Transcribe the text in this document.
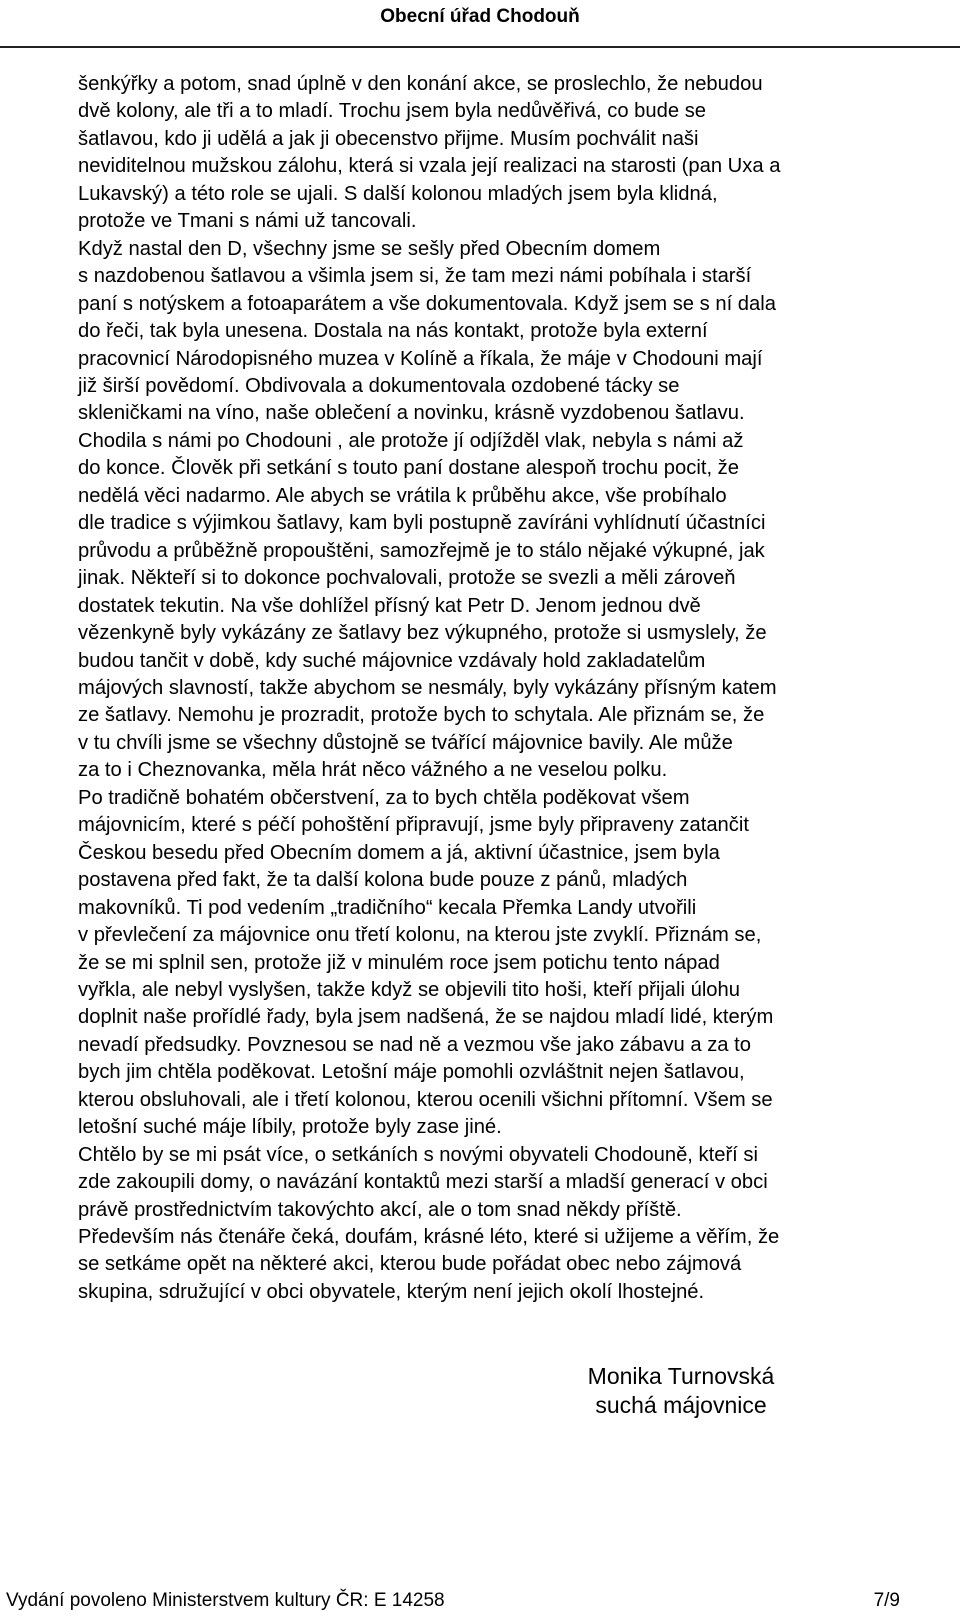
Obecní úřad Chodouň
šenkýřky a potom, snad úplně v den konání akce, se proslechlo, že nebudou
dvě kolony, ale tři a to mladí. Trochu jsem byla nedůvěřivá, co bude se
šatlavou, kdo ji udělá a jak ji obecenstvo přijme. Musím pochválit naši
neviditelnou mužskou zálohu, která si vzala její realizaci na starosti (pan Uxa a
Lukavský) a této role se ujali. S další kolonou mladých jsem byla klidná,
protože ve Tmani s námi už tancovali.
Když nastal den D, všechny jsme se sešly před Obecním domem
s nazdobenou šatlavou a všimla jsem si, že tam mezi námi pobíhala i starší
paní s notýskem a fotoaparátem a vše dokumentovala. Když jsem se s ní dala
do řeči, tak byla unesena. Dostala na nás kontakt, protože byla externí
pracovnicí Národopisného muzea v Kolíně a říkala, že máje v Chodouni mají
již širší povědomí. Obdivovala a dokumentovala ozdobené tácky se
skleničkami na víno, naše oblečení a novinku, krásně vyzdobenou šatlavu.
Chodila s námi po Chodouni , ale protože jí odjížděl vlak, nebyla s námi až
do konce. Člověk při setkání s touto paní dostane alespoň trochu pocit, že
nedělá věci nadarmo. Ale abych se vrátila k průběhu akce, vše probíhalo
dle tradice s výjimkou šatlavy, kam byli postupně zavíráni vyhlídnutí účastníci
průvodu a průběžně propouštěni, samozřejmě je to stálo nějaké výkupné, jak
jinak. Někteří si to dokonce pochvalovali, protože se svezli a měli zároveň
dostatek tekutin. Na vše dohlížel přísný kat Petr D. Jenom jednou dvě
vězenkyně byly vykázány ze šatlavy bez výkupného, protože si usmyslely, že
budou tančit v době, kdy suché májovnice vzdávaly hold zakladatelům
májových slavností, takže abychom se nesmály, byly vykázány přísným katem
ze šatlavy. Nemohu je prozradit, protože bych to schytala. Ale přiznám se, že
v tu chvíli jsme se všechny důstojně se tvářící májovnice bavily. Ale může
za to i Cheznovanka, měla hrát něco vážného a ne veselou polku.
Po tradičně bohatém občerstvení, za to bych chtěla poděkovat všem
májovnicím, které s péčí pohoštění připravují, jsme byly připraveny zatančit
Českou besedu před Obecním domem a já, aktivní účastnice, jsem byla
postavena před fakt, že ta další kolona bude pouze z pánů, mladých
makovníků. Ti pod vedením „tradičního“ kecala Přemka Landy utvořili
v převlečení za májovnice onu třetí kolonu, na kterou jste zvyklí. Přiznám se,
že se mi splnil sen, protože již v minulém roce jsem potichu tento nápad
vyřkla, ale nebyl vyslyšen, takže když se objevili tito hoši, kteří přijali úlohu
doplnit naše prořídlé řady, byla jsem nadšená, že se najdou mladí lidé, kterým
nevadí předsudky. Povznesou se nad ně a vezmou vše jako zábavu a za to
bych jim chtěla poděkovat. Letošní máje pomohli ozvláštnit nejen šatlavou,
kterou obsluhovali, ale i třetí kolonou, kterou ocenili všichni přítomní. Všem se
letošní suché máje líbily, protože byly zase jiné.
Chtělo by se mi psát více, o setkáních s novými obyvateli Chodouně, kteří si
zde zakoupili domy, o navázání kontaktů mezi starší a mladší generací v obci
právě prostřednictvím takovýchto akcí, ale o tom snad někdy příště.
Především nás čtenáře čeká, doufám, krásné léto, které si užijeme a věřím, že
se setkáme opět na některé akci, kterou bude pořádat obec nebo zájmová
skupina, sdružující v obci obyvatele, kterým není jejich okolí lhostejné.
Monika Turnovská
suchá májovnice
Vydání povoleno Ministerstvem kultury ČR: E 14258	7/9
